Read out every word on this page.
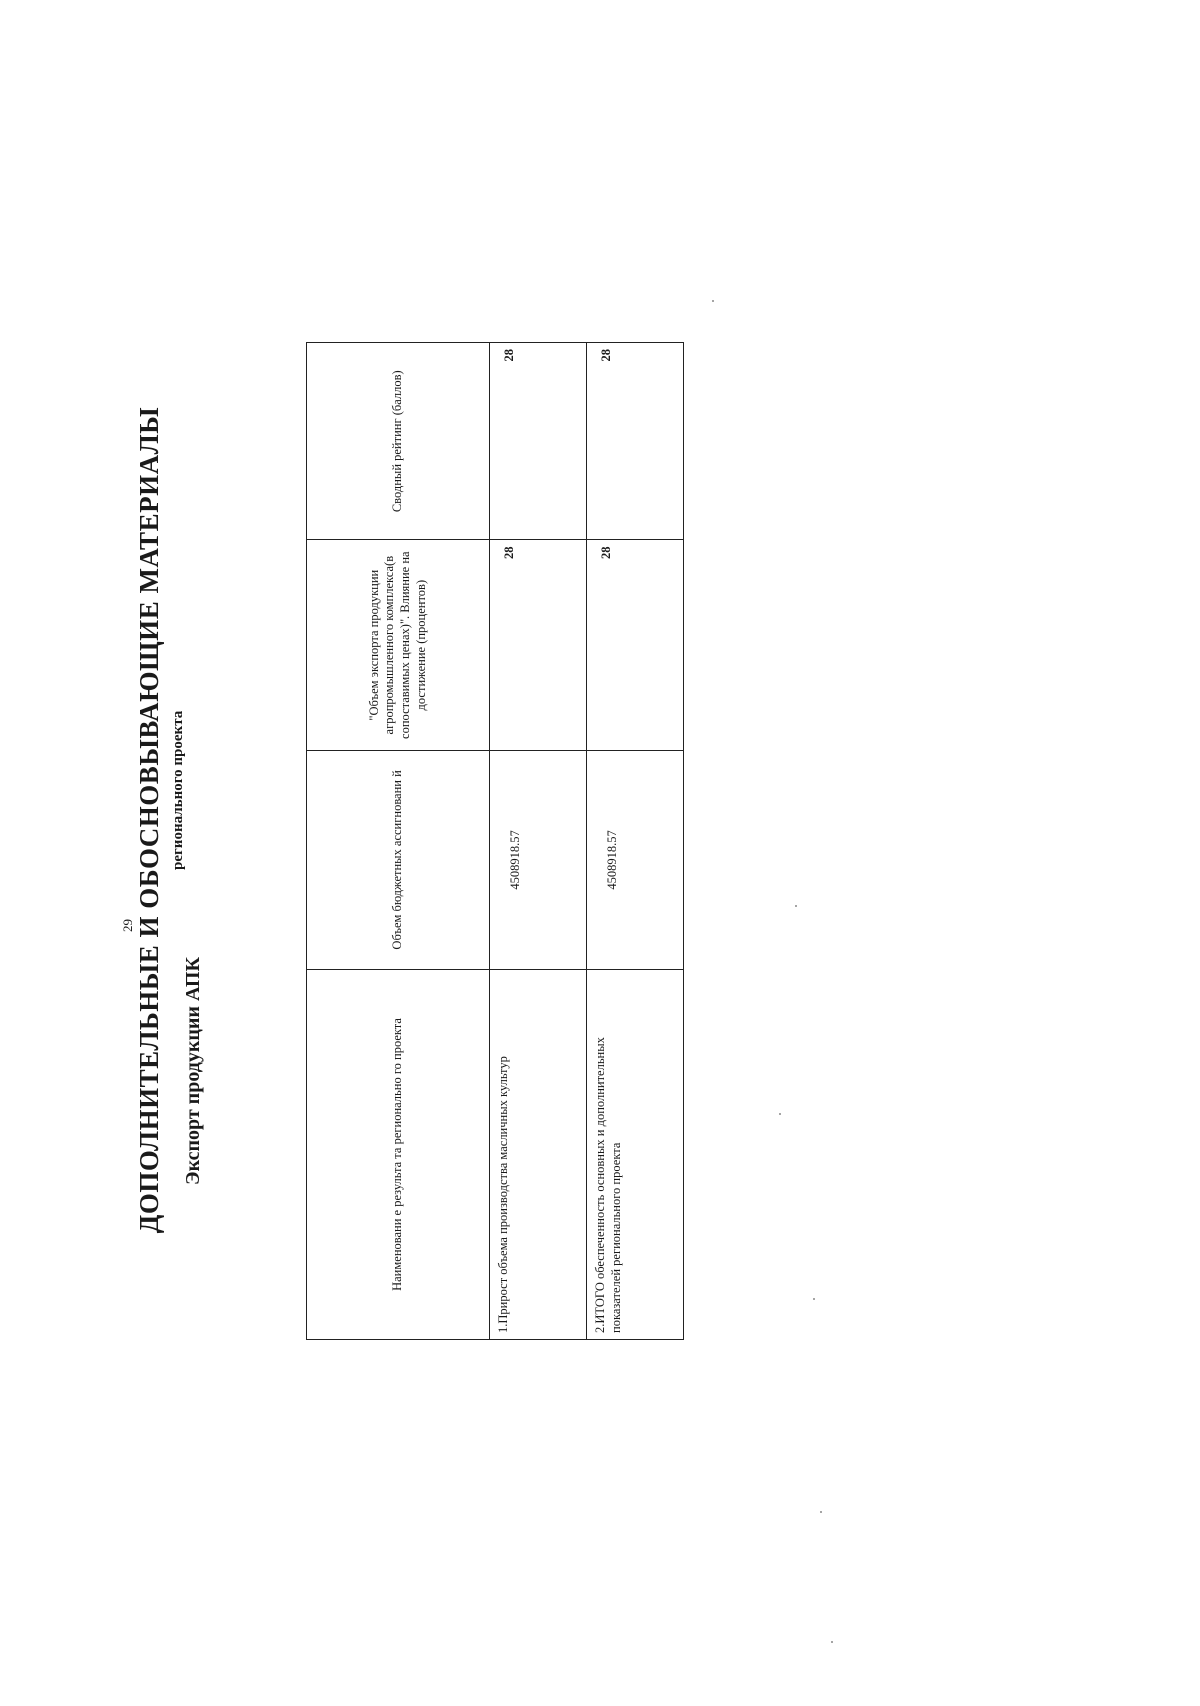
29 ДОПОЛНИТЕЛЬНЫЕ И ОБОСНОВЫВАЮЩИЕ МАТЕРИАЛЫ регионального проекта
Экспорт продукции АПК	Наименовани е результа та регионально го проекта	Объем бюджетных ассигновани й	"Объем экспорта продукции агропромышленного комплекса(в сопоставимых ценах)". Влияние на достижение (процентов)	Сводный рейтинг (баллов)
1.Прирост объема производства масличных культур	4508918.57	28	28
2.ИТОГО обеспеченность основных и дополнительных показателей регионального проекта	4508918.57	28	28
